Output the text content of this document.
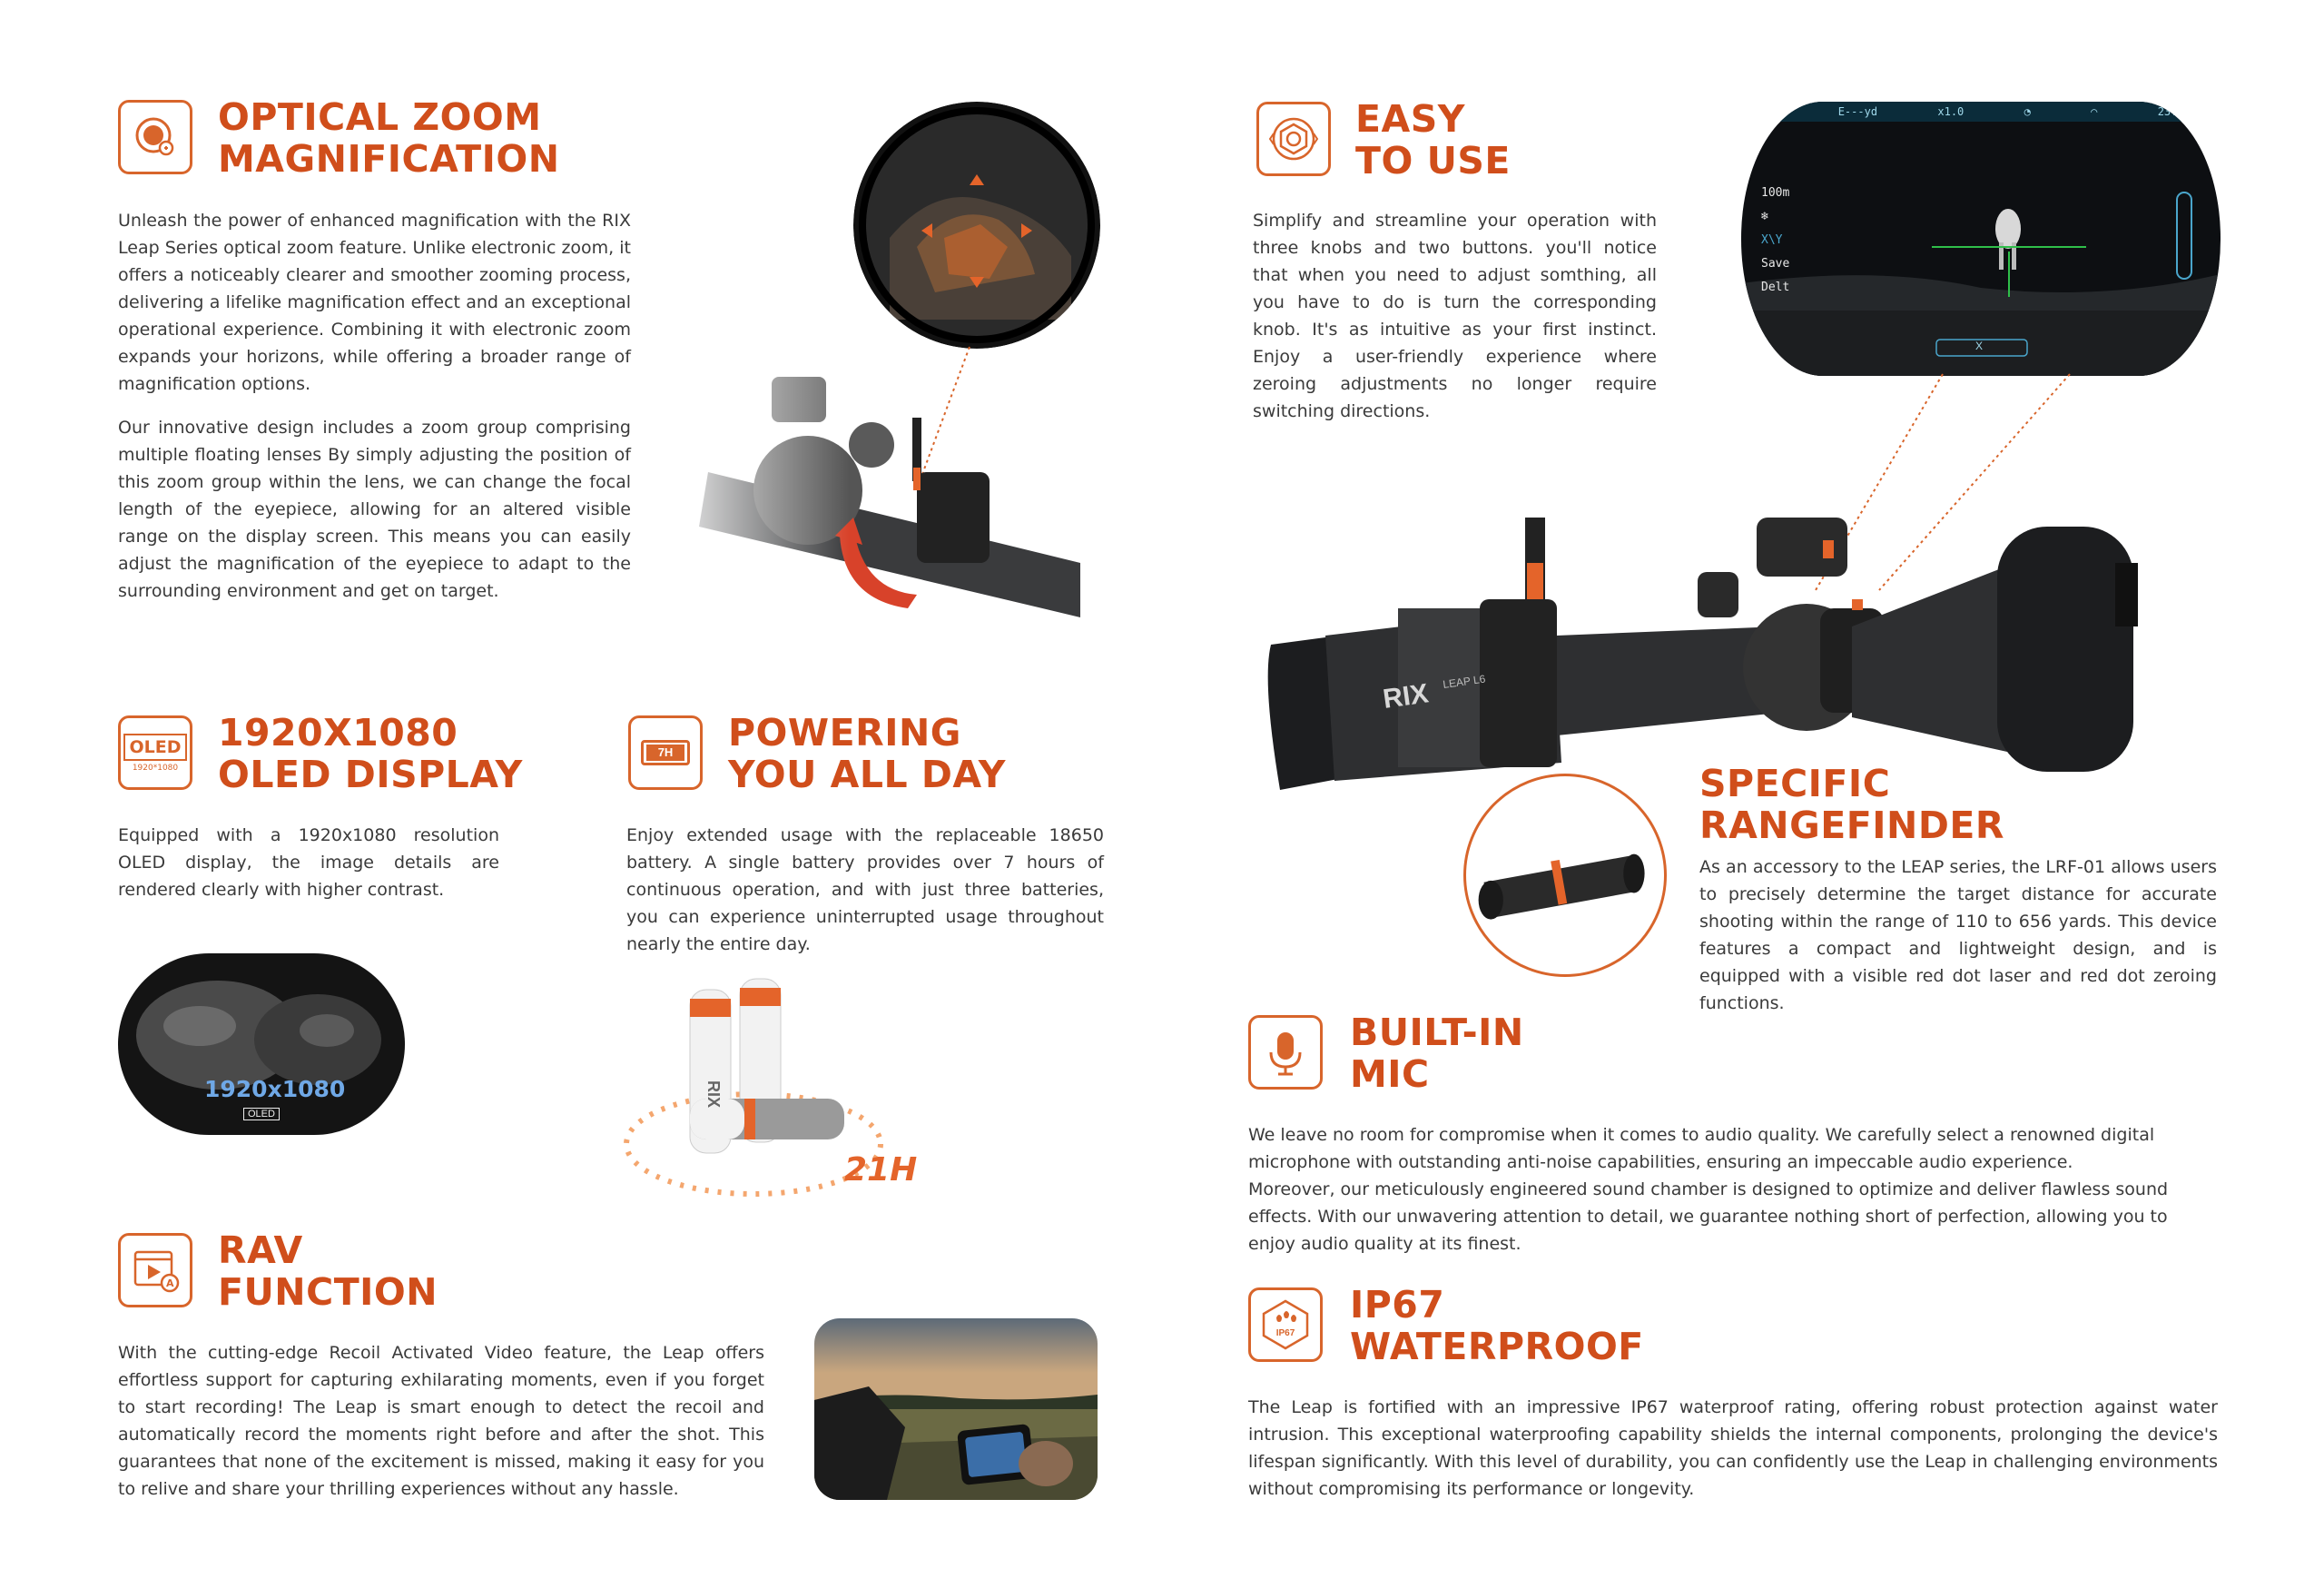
OPTICAL ZOOM
MAGNIFICATION

Unleash the power of enhanced magnification with the RIX Leap Series optical zoom feature. Unlike electronic zoom, it offers a noticeably clearer and smoother zooming process, delivering a lifelike magnification effect and an exceptional operational experience. Combining it with electronic zoom expands your horizons, while offering a broader range of magnification options.

Our innovative design includes a zoom group comprising multiple floating lenses By simply adjusting the position of this zoom group within the lens, we can change the focal length of the eyepiece, allowing for an altered visible range on the display screen. This means you can easily adjust the magnification of the eyepiece to adapt to the surrounding environment and get on target.

EASY
TO USE

Simplify and streamline your operation with three knobs and two buttons. you'll notice that when you need to adjust somthing, all you have to do is turn the corresponding knob. It's as intuitive as your first instinct. Enjoy a user-friendly experience where zeroing adjustments no longer require switching directions.

✹	E---yd	x1.0	◔	◠	23:07
100m
❄
X\Y
Save
Delt
X
RIX LEAP L6
OLED
1920*1080
1920X1080
OLED DISPLAY

Equipped with a 1920x1080 resolution OLED display, the image details are rendered clearly with higher contrast.

1920x1080
OLED
7H	POWERING
YOU ALL DAY

Enjoy extended usage with the replaceable 18650 battery. A single battery provides over 7 hours of continuous operation, and with just three batteries, you can experience uninterrupted usage throughout nearly the entire day.

21H
RIX
SPECIFIC
RANGEFINDER

As an accessory to the LEAP series, the LRF-01 allows users to precisely determine the target distance for accurate shooting within the range of 110 to 656 yards. This device features a compact and lightweight design, and is equipped with a visible red dot laser and red dot zeroing functions.

BUILT-IN
MIC

We leave no room for compromise when it comes to audio quality. We carefully select a renowned digital microphone with outstanding anti-noise capabilities, ensuring an impeccable audio experience.

Moreover, our meticulously engineered sound chamber is designed to optimize and deliver flawless sound effects. With our unwavering attention to detail, we guarantee nothing short of perfection, allowing you to enjoy audio quality at its finest.

A
RAV
FUNCTION

With the cutting-edge Recoil Activated Video feature, the Leap offers effortless support for capturing exhilarating moments, even if you forget to start recording! The Leap is smart enough to detect the recoil and automatically record the moments right before and after the shot. This guarantees that none of the excitement is missed, making it easy for you to relive and share your thrilling experiences without any hassle.

IP67
IP67
WATERPROOF

The Leap is fortified with an impressive IP67 waterproof rating, offering robust protection against water intrusion. This exceptional waterproofing capability shields the internal components, prolonging the device's lifespan significantly. With this level of durability, you can confidently use the Leap in challenging environments without compromising its performance or longevity.
